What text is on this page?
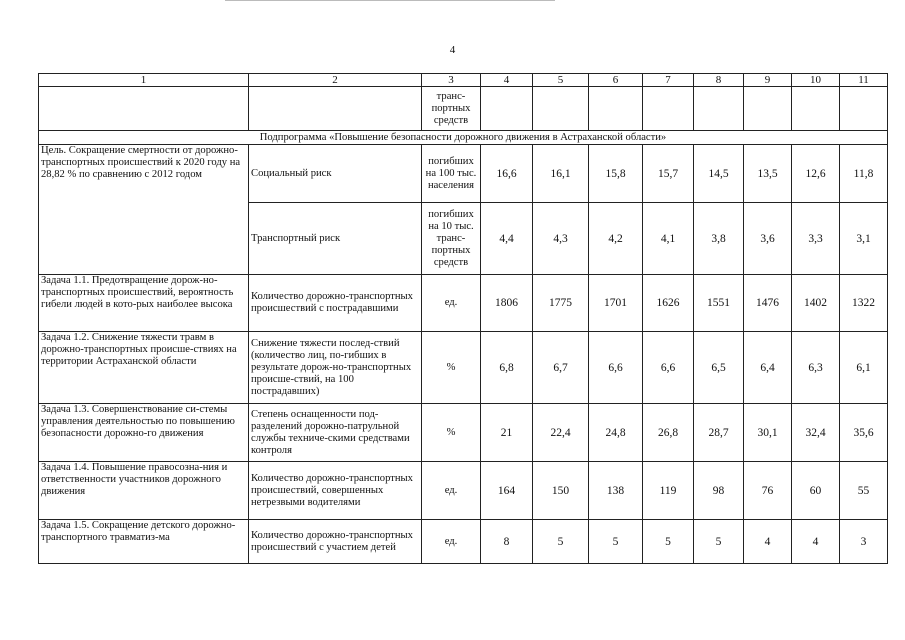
4
1	2	3	4	5	6	7	8	9	10	11
		транс-портных средств								
Подпрограмма «Повышение безопасности дорожного движения в Астраханской области»										
Цель. Сокращение смертности от дорожно-транспортных происшествий к 2020 году на 28,82 % по сравнению с 2012 годом	Социальный риск	погибших на 100 тыс. населения	16,6	16,1	15,8	15,7	14,5	13,5	12,6	11,8
	Транспортный риск	погибших на 10 тыс. транс-портных средств	4,4	4,3	4,2	4,1	3,8	3,6	3,3	3,1
Задача 1.1. Предотвращение дорож-но-транспортных происшествий, вероятность гибели людей в кото-рых наиболее высока	Количество дорожно-транспортных происшествий с пострадавшими	ед.	1806	1775	1701	1626	1551	1476	1402	1322
Задача 1.2. Снижение тяжести травм в дорожно-транспортных происше-ствиях на территории Астраханской области	Снижение тяжести послед-ствий (количество лиц, по-гибших в результате дорож-но-транспортных происше-ствий, на 100 пострадавших)	%	6,8	6,7	6,6	6,6	6,5	6,4	6,3	6,1
Задача 1.3. Совершенствование си-стемы управления деятельностью по повышению безопасности дорожно-го движения	Степень оснащенности под-разделений дорожно-патрульной службы техниче-скими средствами контроля	%	21	22,4	24,8	26,8	28,7	30,1	32,4	35,6
Задача 1.4. Повышение правосозна-ния и ответственности участников дорожного движения	Количество дорожно-транспортных происшествий, совершенных нетрезвыми водителями	ед.	164	150	138	119	98	76	60	55
Задача 1.5. Сокращение детского дорожно-транспортного травматиз-ма	Количество дорожно-транспортных происшествий с участием детей	ед.	8	5	5	5	5	4	4	3
